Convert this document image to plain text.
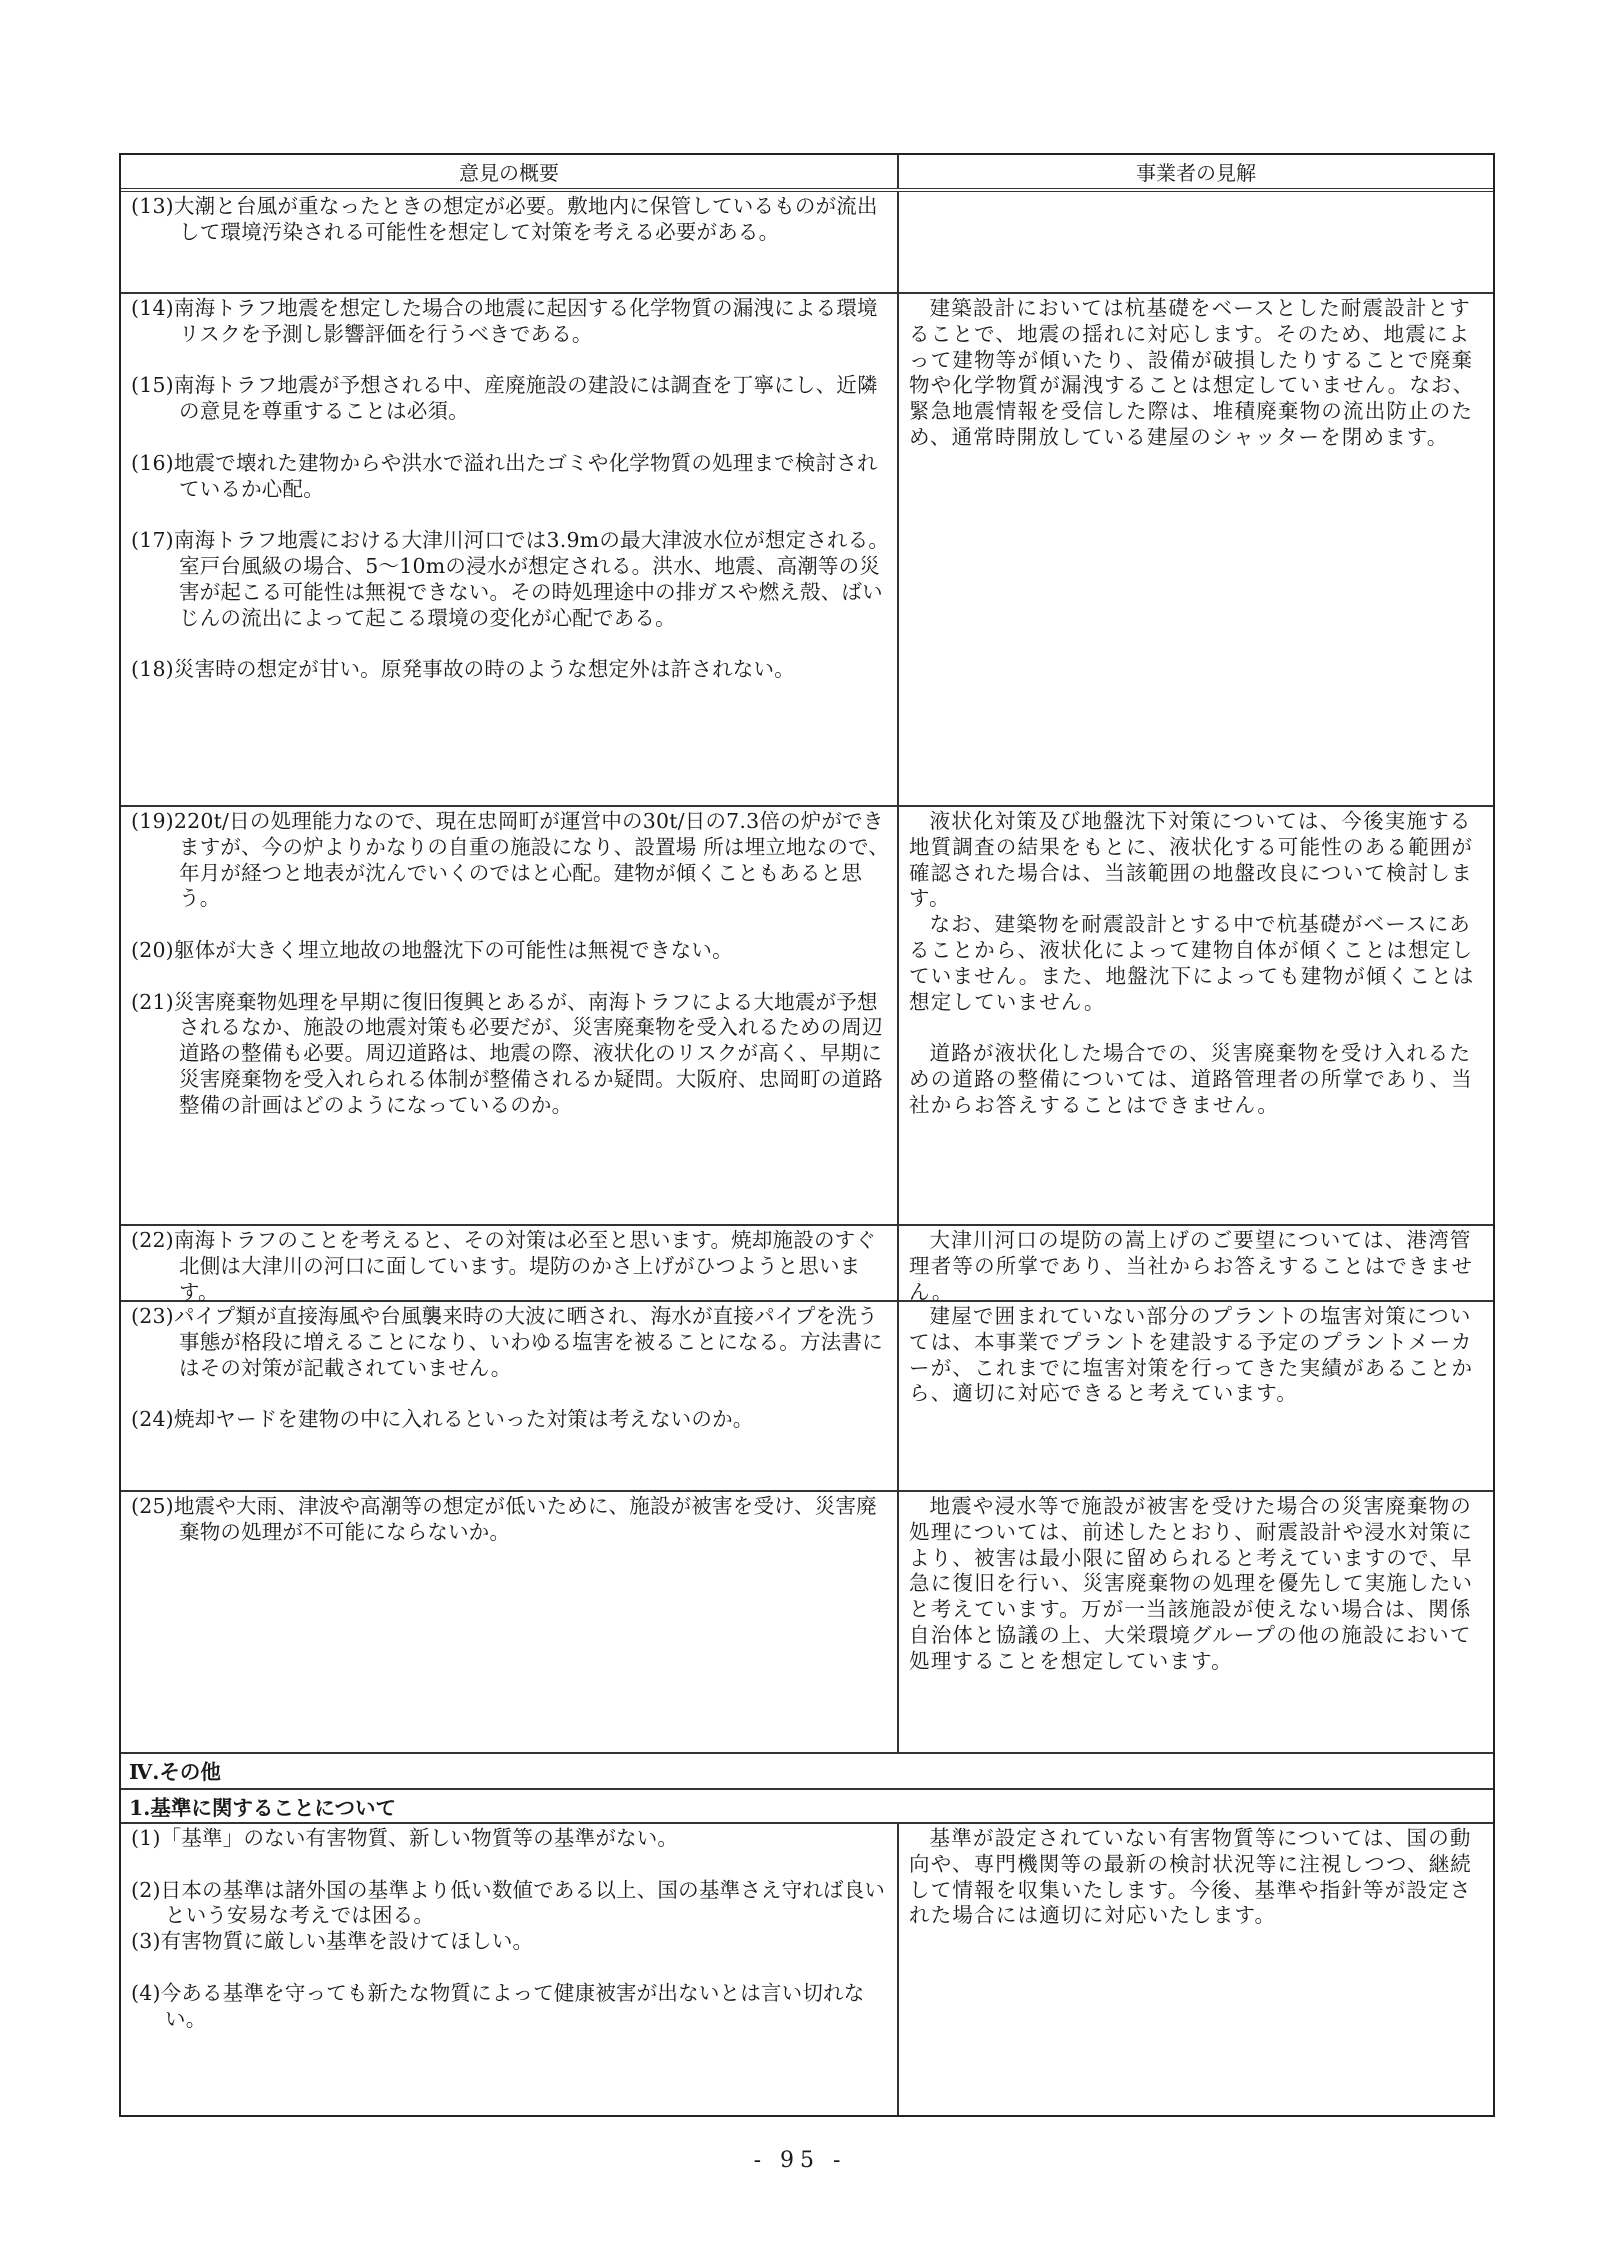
意見の概要	事業者の見解
(13)大潮と台風が重なったときの想定が必要。敷地内に保管しているものが流出して環境汚染される可能性を想定して対策を考える必要がある。
(14)南海トラフ地震を想定した場合の地震に起因する化学物質の漏洩による環境リスクを予測し影響評価を行うべきである。
(15)南海トラフ地震が予想される中、産廃施設の建設には調査を丁寧にし、近隣の意見を尊重することは必須。
(16)地震で壊れた建物からや洪水で溢れ出たゴミや化学物質の処理まで検討されているか心配。
(17)南海トラフ地震における大津川河口では3.9mの最大津波水位が想定される。室戸台風級の場合、5〜10mの浸水が想定される。洪水、地震、高潮等の災害が起こる可能性は無視できない。その時処理途中の排ガスや燃え殻、ばいじんの流出によって起こる環境の変化が心配である。
(18)災害時の想定が甘い。原発事故の時のような想定外は許されない。
建築設計においては杭基礎をベースとした耐震設計とすることで、地震の揺れに対応します。そのため、地震によって建物等が傾いたり、設備が破損したりすることで廃棄物や化学物質が漏洩することは想定していません。なお、緊急地震情報を受信した際は、堆積廃棄物の流出防止のため、通常時開放している建屋のシャッターを閉めます。
(19)220t/日の処理能力なので、現在忠岡町が運営中の30t/日の7.3倍の炉ができますが、今の炉よりかなりの自重の施設になり、設置場 所は埋立地なので、年月が経つと地表が沈んでいくのではと心配。建物が傾くこともあると思う。
(20)躯体が大きく埋立地故の地盤沈下の可能性は無視できない。
(21)災害廃棄物処理を早期に復旧復興とあるが、南海トラフによる大地震が予想されるなか、施設の地震対策も必要だが、災害廃棄物を受入れるための周辺道路の整備も必要。周辺道路は、地震の際、液状化のリスクが高く、早期に災害廃棄物を受入れられる体制が整備されるか疑問。大阪府、忠岡町の道路整備の計画はどのようになっているのか。
液状化対策及び地盤沈下対策については、今後実施する地質調査の結果をもとに、液状化する可能性のある範囲が確認された場合は、当該範囲の地盤改良について検討します。
なお、建築物を耐震設計とする中で杭基礎がベースにあることから、液状化によって建物自体が傾くことは想定していません。また、地盤沈下によっても建物が傾くことは想定していません。
道路が液状化した場合での、災害廃棄物を受け入れるための道路の整備については、道路管理者の所掌であり、当社からお答えすることはできません。
(22)南海トラフのことを考えると、その対策は必至と思います。焼却施設のすぐ北側は大津川の河口に面しています。堤防のかさ上げがひつようと思います。
大津川河口の堤防の嵩上げのご要望については、港湾管理者等の所掌であり、当社からお答えすることはできません。
(23)パイプ類が直接海風や台風襲来時の大波に晒され、海水が直接パイプを洗う事態が格段に増えることになり、いわゆる塩害を被ることになる。方法書にはその対策が記載されていません。
(24)焼却ヤードを建物の中に入れるといった対策は考えないのか。
建屋で囲まれていない部分のプラントの塩害対策については、本事業でプラントを建設する予定のプラントメーカーが、これまでに塩害対策を行ってきた実績があることから、適切に対応できると考えています。
(25)地震や大雨、津波や高潮等の想定が低いために、施設が被害を受け、災害廃棄物の処理が不可能にならないか。
地震や浸水等で施設が被害を受けた場合の災害廃棄物の処理については、前述したとおり、耐震設計や浸水対策により、被害は最小限に留められると考えていますので、早急に復旧を行い、災害廃棄物の処理を優先して実施したいと考えています。万が一当該施設が使えない場合は、関係自治体と協議の上、大栄環境グループの他の施設において処理することを想定しています。
Ⅳ.その他
1.基準に関することについて
(1)「基準」のない有害物質、新しい物質等の基準がない。
(2)日本の基準は諸外国の基準より低い数値である以上、国の基準さえ守れば良いという安易な考えでは困る。
(3)有害物質に厳しい基準を設けてほしい。
(4)今ある基準を守っても新たな物質によって健康被害が出ないとは言い切れない。
基準が設定されていない有害物質等については、国の動向や、専門機関等の最新の検討状況等に注視しつつ、継続して情報を収集いたします。今後、基準や指針等が設定された場合には適切に対応いたします。
- 95 -
